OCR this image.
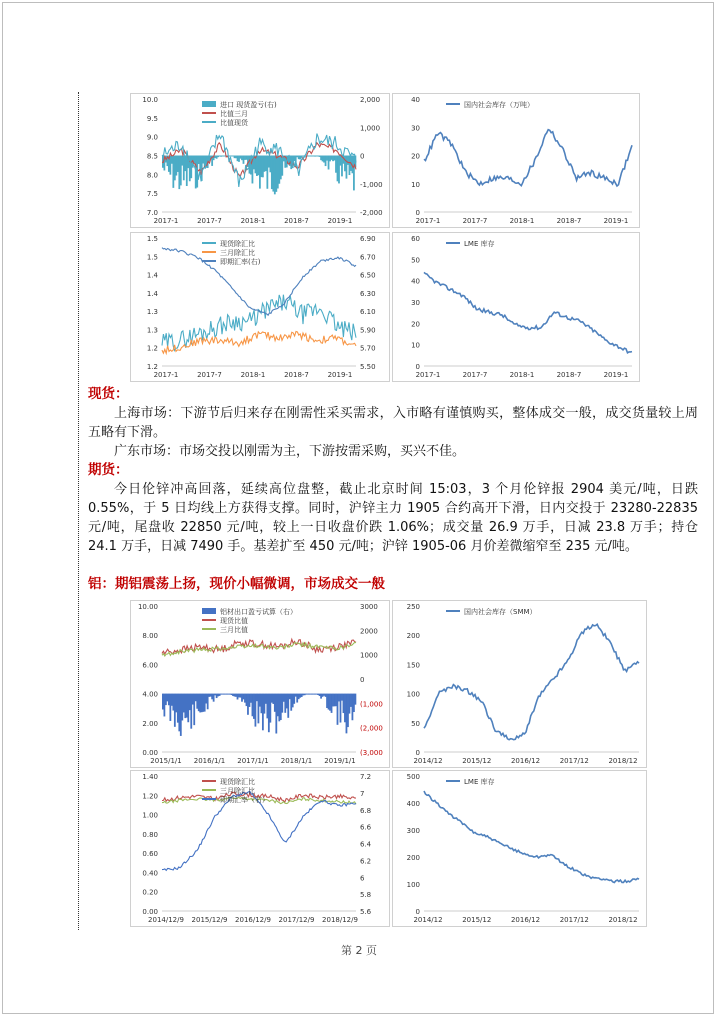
10.0
9.5
9.0
8.5
8.0
7.5
7.0
2,000
1,000
0
-1,000
-2,000
2017-1	2017-7	2018-1	2018-7	2019-1
进口 现货盈亏(右)
比值三月
比值现货
40
30
20
10
0
2017-1	2017-7	2018-1	2018-7	2019-1
国内社会库存（万吨）
1.5
1.5
1.4
1.4
1.3
1.3
1.2
1.2
6.90
6.70
6.50
6.30
6.10
5.90
5.70
5.50
2017-1	2017-7	2018-1	2018-7	2019-1
现货除汇比
三月除汇比
即期汇率(右)
60
50
40
30
20
10
0
2017-1	2017-7	2018-1	2018-7	2019-1
LME 库存
现货：
上海市场：下游节后归来存在刚需性采买需求，入市略有谨慎购买，整体成交一般，成交货量较上周五略有下滑。
广东市场：市场交投以刚需为主，下游按需采购，买兴不佳。
期货：
今日伦锌冲高回落，延续高位盘整，截止北京时间 15:03，3 个月伦锌报 2904 美元/吨，日跌 0.55%，于 5 日均线上方获得支撑。同时，沪锌主力 1905 合约高开下滑，日内交投于 23280-22835 元/吨，尾盘收 22850 元/吨，较上一日收盘价跌 1.06%；成交量 26.9 万手，日减 23.8 万手；持仓 24.1 万手，日减 7490 手。基差扩至 450 元/吨；沪锌 1905-06 月价差微缩窄至 235 元/吨。
铝：期铝震荡上扬，现价小幅微调，市场成交一般
10.00
8.00
6.00
4.00
2.00
0.00
3000
2000
1000
0
(1,000
(2,000
(3,000
2015/1/1 2016/1/1 2017/1/1 2018/1/1 2019/1/1
铝材出口盈亏试算（右）
现货比值
三月比值
250
200
150
100
50
0
2014/12	2015/12	2016/12	2017/12	2018/12
国内社会库存（SMM）
1.40
1.20
1.00
0.80
0.60
0.40
0.20
0.00
7.2
7
6.8
6.6
6.4
6.2
6
5.8
5.6
2014/12/9 2015/12/9 2016/12/9 2017/12/9 2018/12/9
现货除汇比
三月除汇比
即期汇率（右）
500
400
300
200
100
0
2014/12	2015/12	2016/12	2017/12	2018/12
LME 库存
第 2 页
